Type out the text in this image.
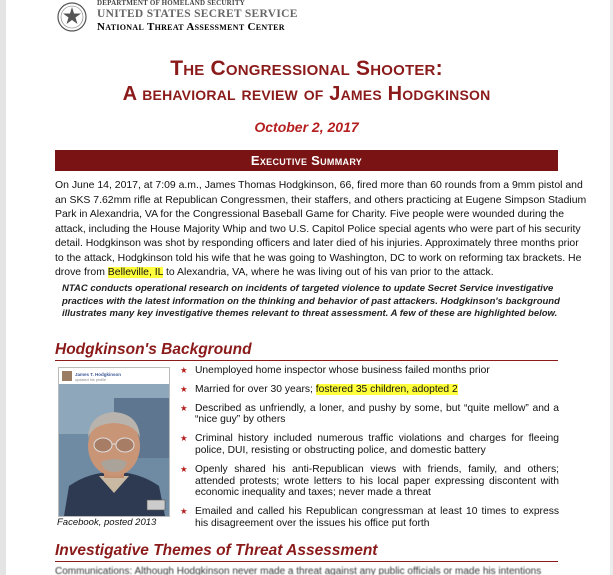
DEPARTMENT OF HOMELAND SECURITY
UNITED STATES SECRET SERVICE
National Threat Assessment Center
The Congressional Shooter:
A behavioral review of James Hodgkinson
October 2, 2017
Executive Summary
On June 14, 2017, at 7:09 a.m., James Thomas Hodgkinson, 66, fired more than 60 rounds from a 9mm pistol and
an SKS 7.62mm rifle at Republican Congressmen, their staffers, and others practicing at Eugene Simpson Stadium
Park in Alexandria, VA for the Congressional Baseball Game for Charity. Five people were wounded during the
attack, including the House Majority Whip and two U.S. Capitol Police special agents who were part of his security
detail. Hodgkinson was shot by responding officers and later died of his injuries. Approximately three months prior
to the attack, Hodgkinson told his wife that he was going to Washington, DC to work on reforming tax brackets. He
drove from Belleville, IL to Alexandria, VA, where he was living out of his van prior to the attack.
NTAC conducts operational research on incidents of targeted violence to update Secret Service investigative
practices with the latest information on the thinking and behavior of past attackers. Hodgkinson's background
illustrates many key investigative themes relevant to threat assessment. A few of these are highlighted below.
Hodgkinson's Background
James T. Hodgkinson
updated his profile
Facebook, posted 2013
★ Unemployed home inspector whose business failed months prior
★ Married for over 30 years; fostered 35 children, adopted 2
★ Described as unfriendly, a loner, and pushy by some, but “quite mellow” and a “nice guy” by others
★ Criminal history included numerous traffic violations and charges for fleeing police, DUI, resisting or obstructing police, and domestic battery
★ Openly shared his anti-Republican views with friends, family, and others; attended protests; wrote letters to his local paper expressing discontent with economic inequality and taxes; never made a threat
★ Emailed and called his Republican congressman at least 10 times to express his disagreement over the issues his office put forth
Investigative Themes of Threat Assessment
Communications: Although Hodgkinson never made a threat against any public officials or made his intentions
